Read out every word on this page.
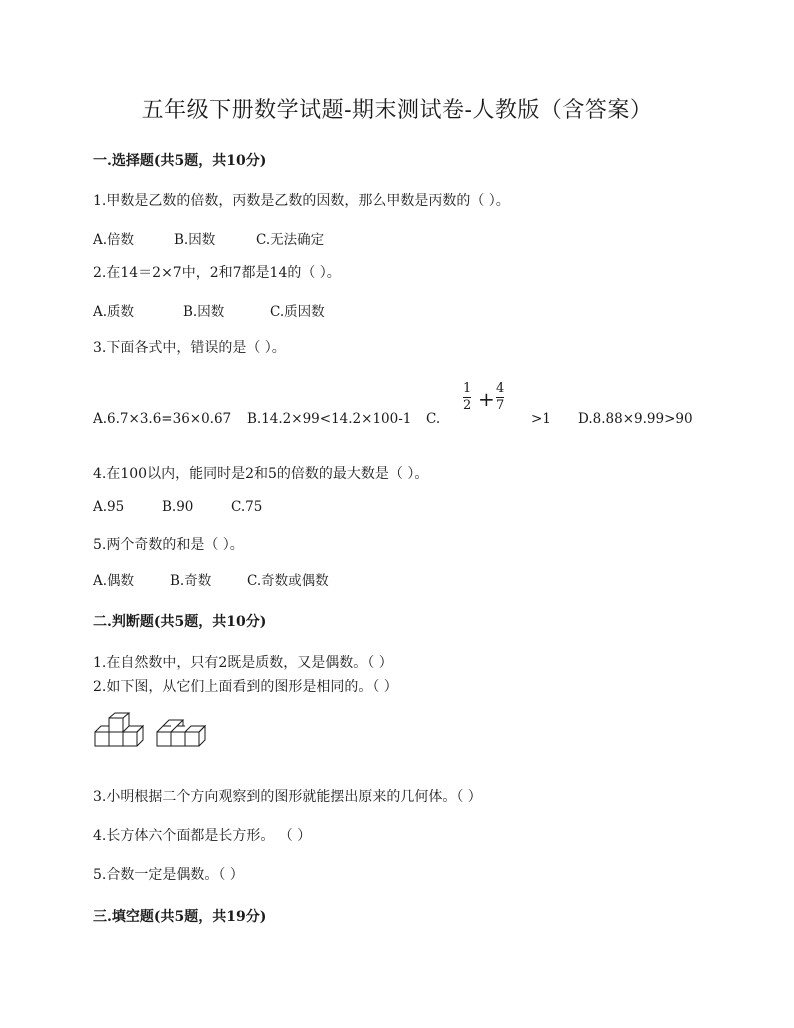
五年级下册数学试题-期末测试卷-人教版（含答案）
一.选择题(共5题，共10分)
1.甲数是乙数的倍数，丙数是乙数的因数，那么甲数是丙数的（ ）。
A.倍数	B.因数	C.无法确定
2.在14＝2×7中，2和7都是14的（ ）。
A.质数	B.因数	C.质因数
3.下面各式中，错误的是（ ）。
A.6.7×3.6=36×0.67 B.14.2×99<14.2×100-1 C.
1
2 + 4
7
>1 D.8.88×9.99>90
4.在100以内，能同时是2和5的倍数的最大数是（ ）。
A.95	B.90	C.75
5.两个奇数的和是（ ）。
A.偶数	B.奇数	C.奇数或偶数
二.判断题(共5题，共10分)
1.在自然数中，只有2既是质数，又是偶数。（ ）
2.如下图，从它们上面看到的图形是相同的。（ ）
3.小明根据二个方向观察到的图形就能摆出原来的几何体。（ ）
4.长方体六个面都是长方形。 （ ）
5.合数一定是偶数。（ ）
三.填空题(共5题，共19分)
